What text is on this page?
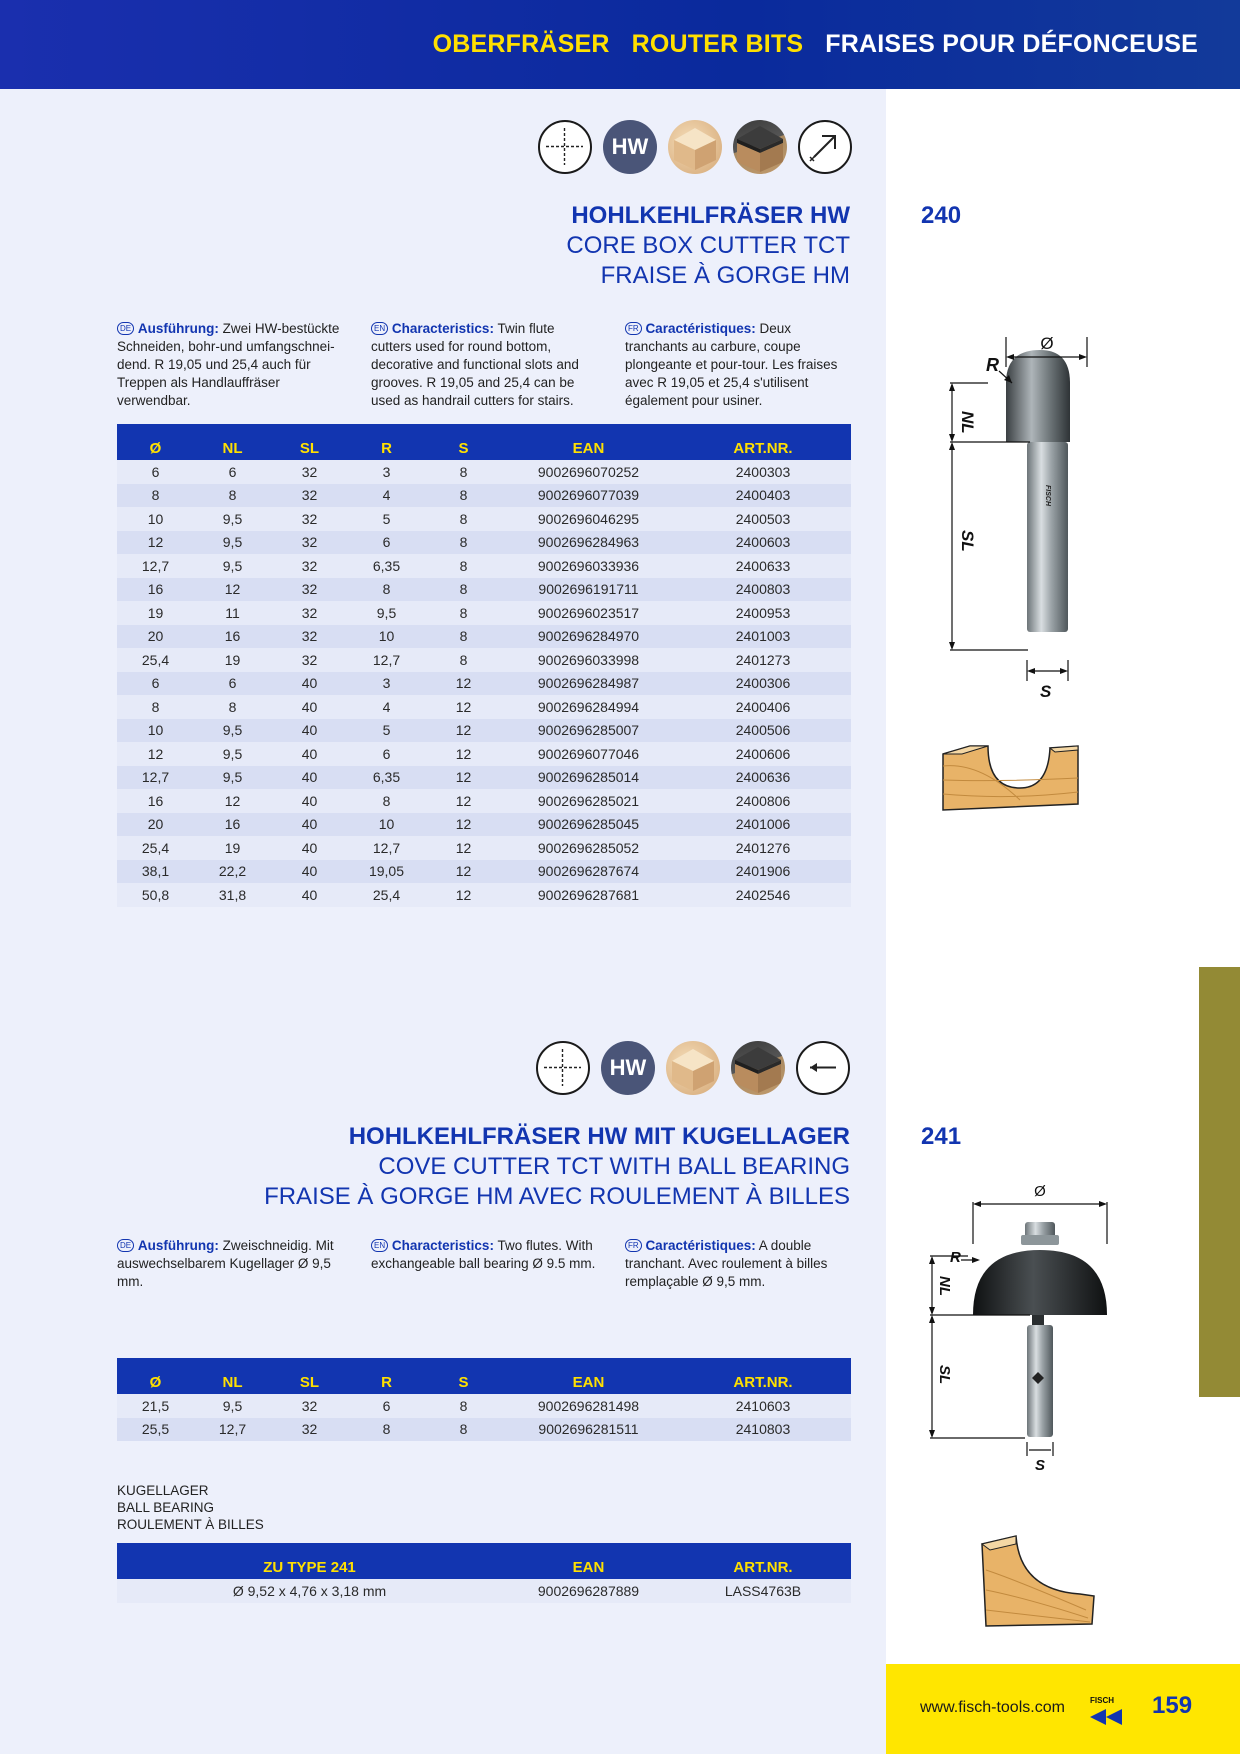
OBERFRÄSER ROUTER BITS FRAISES POUR DÉFONCEUSE
HW
HOHLKEHLFRÄSER HW
CORE BOX CUTTER TCT
FRAISE À GORGE HM
240
DE Ausführung: Zwei HW-bestückte Schneiden, bohr-und umfangschnei-dend. R 19,05 und 25,4 auch für Treppen als Handlauffräser verwendbar.
EN Characteristics: Twin flute cutters used for round bottom, decorative and functional slots and grooves. R 19,05 and 25,4 can be used as handrail cutters for stairs.
FR Caractéristiques: Deux tranchants au carbure, coupe plongeante et pour-tour. Les fraises avec R 19,05 et 25,4 s'utilisent également pour usiner.
Ø	NL	SL	R	S	EAN	ART.NR.
6	6	32	3	8	9002696070252	2400303
8	8	32	4	8	9002696077039	2400403
10	9,5	32	5	8	9002696046295	2400503
12	9,5	32	6	8	9002696284963	2400603
12,7	9,5	32	6,35	8	9002696033936	2400633
16	12	32	8	8	9002696191711	2400803
19	11	32	9,5	8	9002696023517	2400953
20	16	32	10	8	9002696284970	2401003
25,4	19	32	12,7	8	9002696033998	2401273
6	6	40	3	12	9002696284987	2400306
8	8	40	4	12	9002696284994	2400406
10	9,5	40	5	12	9002696285007	2400506
12	9,5	40	6	12	9002696077046	2400606
12,7	9,5	40	6,35	12	9002696285014	2400636
16	12	40	8	12	9002696285021	2400806
20	16	40	10	12	9002696285045	2401006
25,4	19	40	12,7	12	9002696285052	2401276
38,1	22,2	40	19,05	12	9002696287674	2401906
50,8	31,8	40	25,4	12	9002696287681	2402546
FISCH
Ø
R
NL
SL
S
HW
HOHLKEHLFRÄSER HW MIT KUGELLAGER
COVE CUTTER TCT WITH BALL BEARING
FRAISE À GORGE HM AVEC ROULEMENT À BILLES
241
DE Ausführung: Zweischneidig. Mit auswechselbarem Kugellager Ø 9,5 mm.
EN Characteristics: Two flutes. With exchangeable ball bearing Ø 9.5 mm.
FR Caractéristiques: A double tranchant. Avec roulement à billes remplaçable Ø 9,5 mm.
Ø	NL	SL	R	S	EAN	ART.NR.
21,5	9,5	32	6	8	9002696281498	2410603
25,5	12,7	32	8	8	9002696281511	2410803
KUGELLAGER
BALL BEARING
ROULEMENT À BILLES
ZU TYPE 241	EAN	ART.NR.
Ø 9,52 x 4,76 x 3,18 mm	9002696287889	LASS4763B
Ø
R
NL
SL
S
www.fisch-tools.com	FISCH 159
